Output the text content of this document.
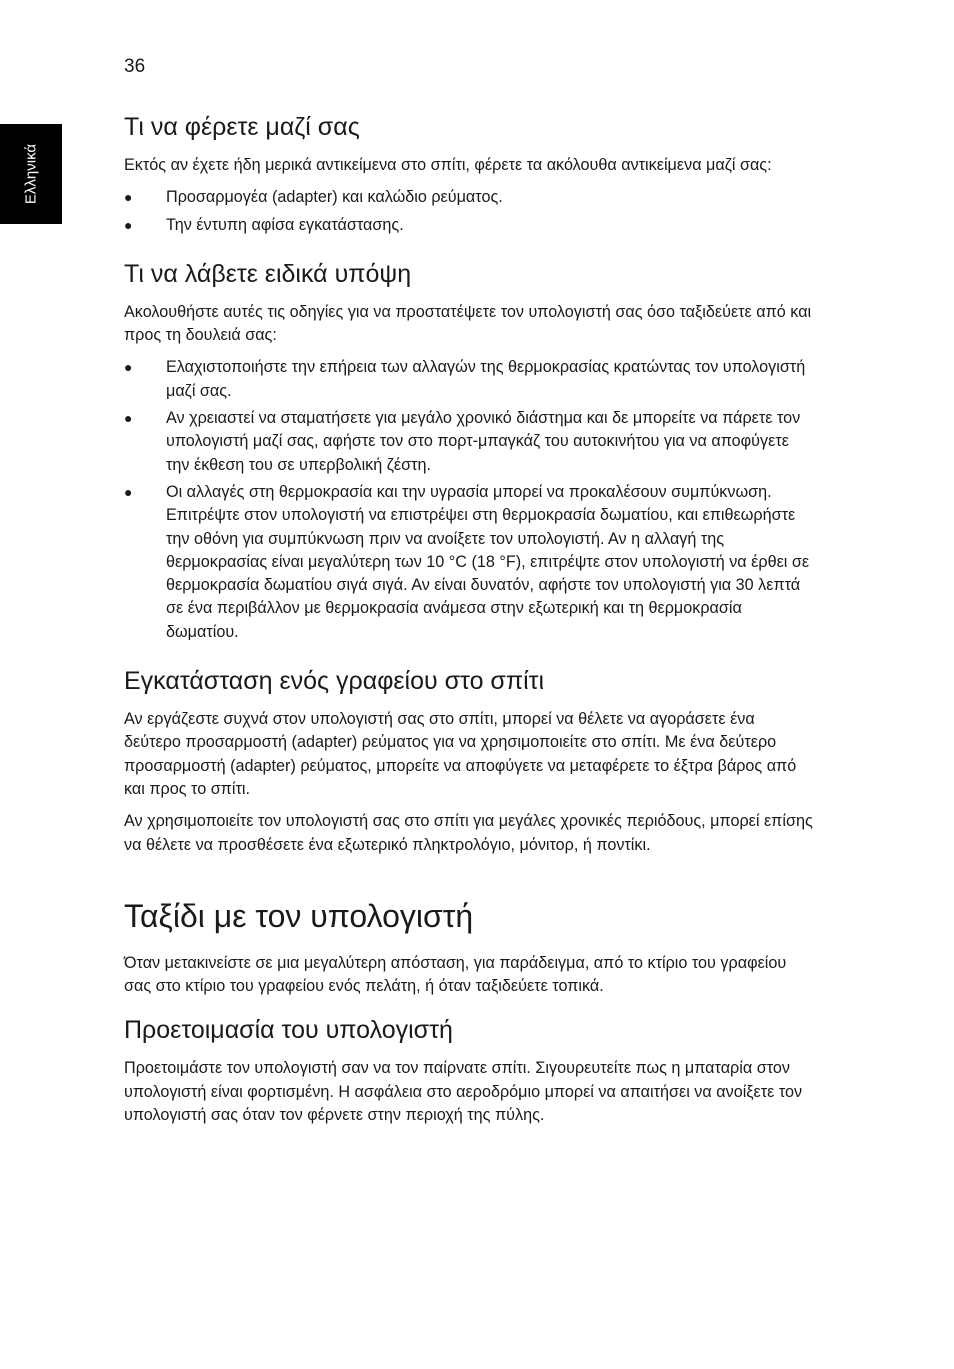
36
Ελληνικά
Τι να φέρετε μαζί σας

Εκτός αν έχετε ήδη μερικά αντικείμενα στο σπίτι, φέρετε τα ακόλουθα αντικείμενα μαζί σας:

● Προσαρμογέα (adapter) και καλώδιο ρεύματος.
● Την έντυπη αφίσα εγκατάστασης.
Τι να λάβετε ειδικά υπόψη

Ακολουθήστε αυτές τις οδηγίες για να προστατέψετε τον υπολογιστή σας όσο ταξιδεύετε από και προς τη δουλειά σας:

● Ελαχιστοποιήστε την επήρεια των αλλαγών της θερμοκρασίας κρατώντας τον υπολογιστή μαζί σας.
● Αν χρειαστεί να σταματήσετε για μεγάλο χρονικό διάστημα και δε μπορείτε να πάρετε τον υπολογιστή μαζί σας, αφήστε τον στο πορτ-μπαγκάζ του αυτοκινήτου για να αποφύγετε την έκθεση του σε υπερβολική ζέστη.
● Οι αλλαγές στη θερμοκρασία και την υγρασία μπορεί να προκαλέσουν συμπύκνωση. Επιτρέψτε στον υπολογιστή να επιστρέψει στη θερμοκρασία δωματίου, και επιθεωρήστε την οθόνη για συμπύκνωση πριν να ανοίξετε τον υπολογιστή. Αν η αλλαγή της θερμοκρασίας είναι μεγαλύτερη των 10 °C (18 °F), επιτρέψτε στον υπολογιστή να έρθει σε θερμοκρασία δωματίου σιγά σιγά. Αν είναι δυνατόν, αφήστε τον υπολογιστή για 30 λεπτά σε ένα περιβάλλον με θερμοκρασία ανάμεσα στην εξωτερική και τη θερμοκρασία δωματίου.
Εγκατάσταση ενός γραφείου στο σπίτι

Αν εργάζεστε συχνά στον υπολογιστή σας στο σπίτι, μπορεί να θέλετε να αγοράσετε ένα δεύτερο προσαρμοστή (adapter) ρεύματος για να χρησιμοποιείτε στο σπίτι. Με ένα δεύτερο προσαρμοστή (adapter) ρεύματος, μπορείτε να αποφύγετε να μεταφέρετε το έξτρα βάρος από και προς το σπίτι.

Αν χρησιμοποιείτε τον υπολογιστή σας στο σπίτι για μεγάλες χρονικές περιόδους, μπορεί επίσης να θέλετε να προσθέσετε ένα εξωτερικό πληκτρολόγιο, μόνιτορ, ή ποντίκι.

Ταξίδι με τον υπολογιστή

Όταν μετακινείστε σε μια μεγαλύτερη απόσταση, για παράδειγμα, από το κτίριο του γραφείου σας στο κτίριο του γραφείου ενός πελάτη, ή όταν ταξιδεύετε τοπικά.

Προετοιμασία του υπολογιστή

Προετοιμάστε τον υπολογιστή σαν να τον παίρνατε σπίτι. Σιγουρευτείτε πως η μπαταρία στον υπολογιστή είναι φορτισμένη. Η ασφάλεια στο αεροδρόμιο μπορεί να απαιτήσει να ανοίξετε τον υπολογιστή σας όταν τον φέρνετε στην περιοχή της πύλης.
